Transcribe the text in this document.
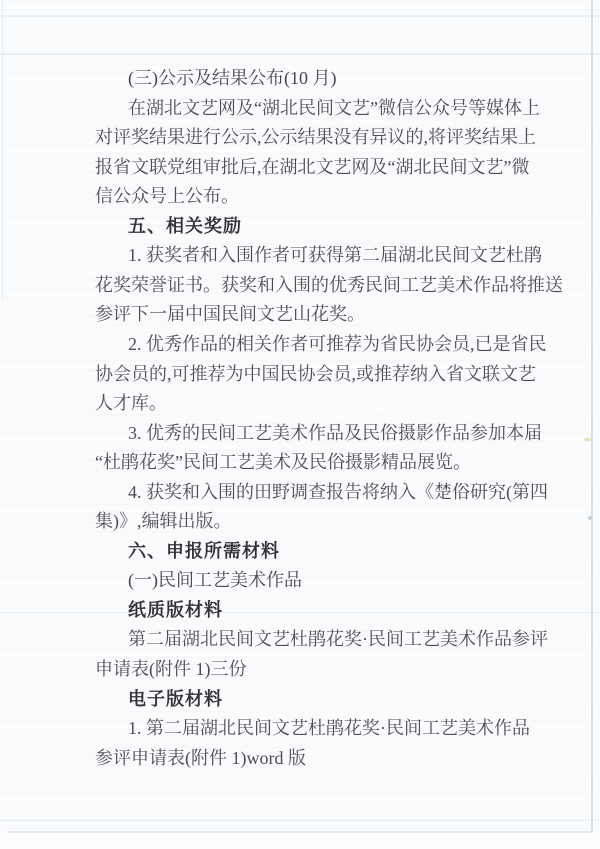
(三)公示及结果公布(10 月)
在湖北文艺网及“湖北民间文艺”微信公众号等媒体上
对评奖结果进行公示,公示结果没有异议的,将评奖结果上
报省文联党组审批后,在湖北文艺网及“湖北民间文艺”微
信公众号上公布。
五、相关奖励
1. 获奖者和入围作者可获得第二届湖北民间文艺杜鹃
花奖荣誉证书。获奖和入围的优秀民间工艺美术作品将推送
参评下一届中国民间文艺山花奖。
2. 优秀作品的相关作者可推荐为省民协会员,已是省民
协会员的,可推荐为中国民协会员,或推荐纳入省文联文艺
人才库。
3. 优秀的民间工艺美术作品及民俗摄影作品参加本届
“杜鹃花奖”民间工艺美术及民俗摄影精品展览。
4. 获奖和入围的田野调查报告将纳入《楚俗研究(第四
集)》,编辑出版。
六、申报所需材料
(一)民间工艺美术作品
纸质版材料
第二届湖北民间文艺杜鹃花奖·民间工艺美术作品参评
申请表(附件 1)三份
电子版材料
1. 第二届湖北民间文艺杜鹃花奖·民间工艺美术作品
参评申请表(附件 1)word 版
